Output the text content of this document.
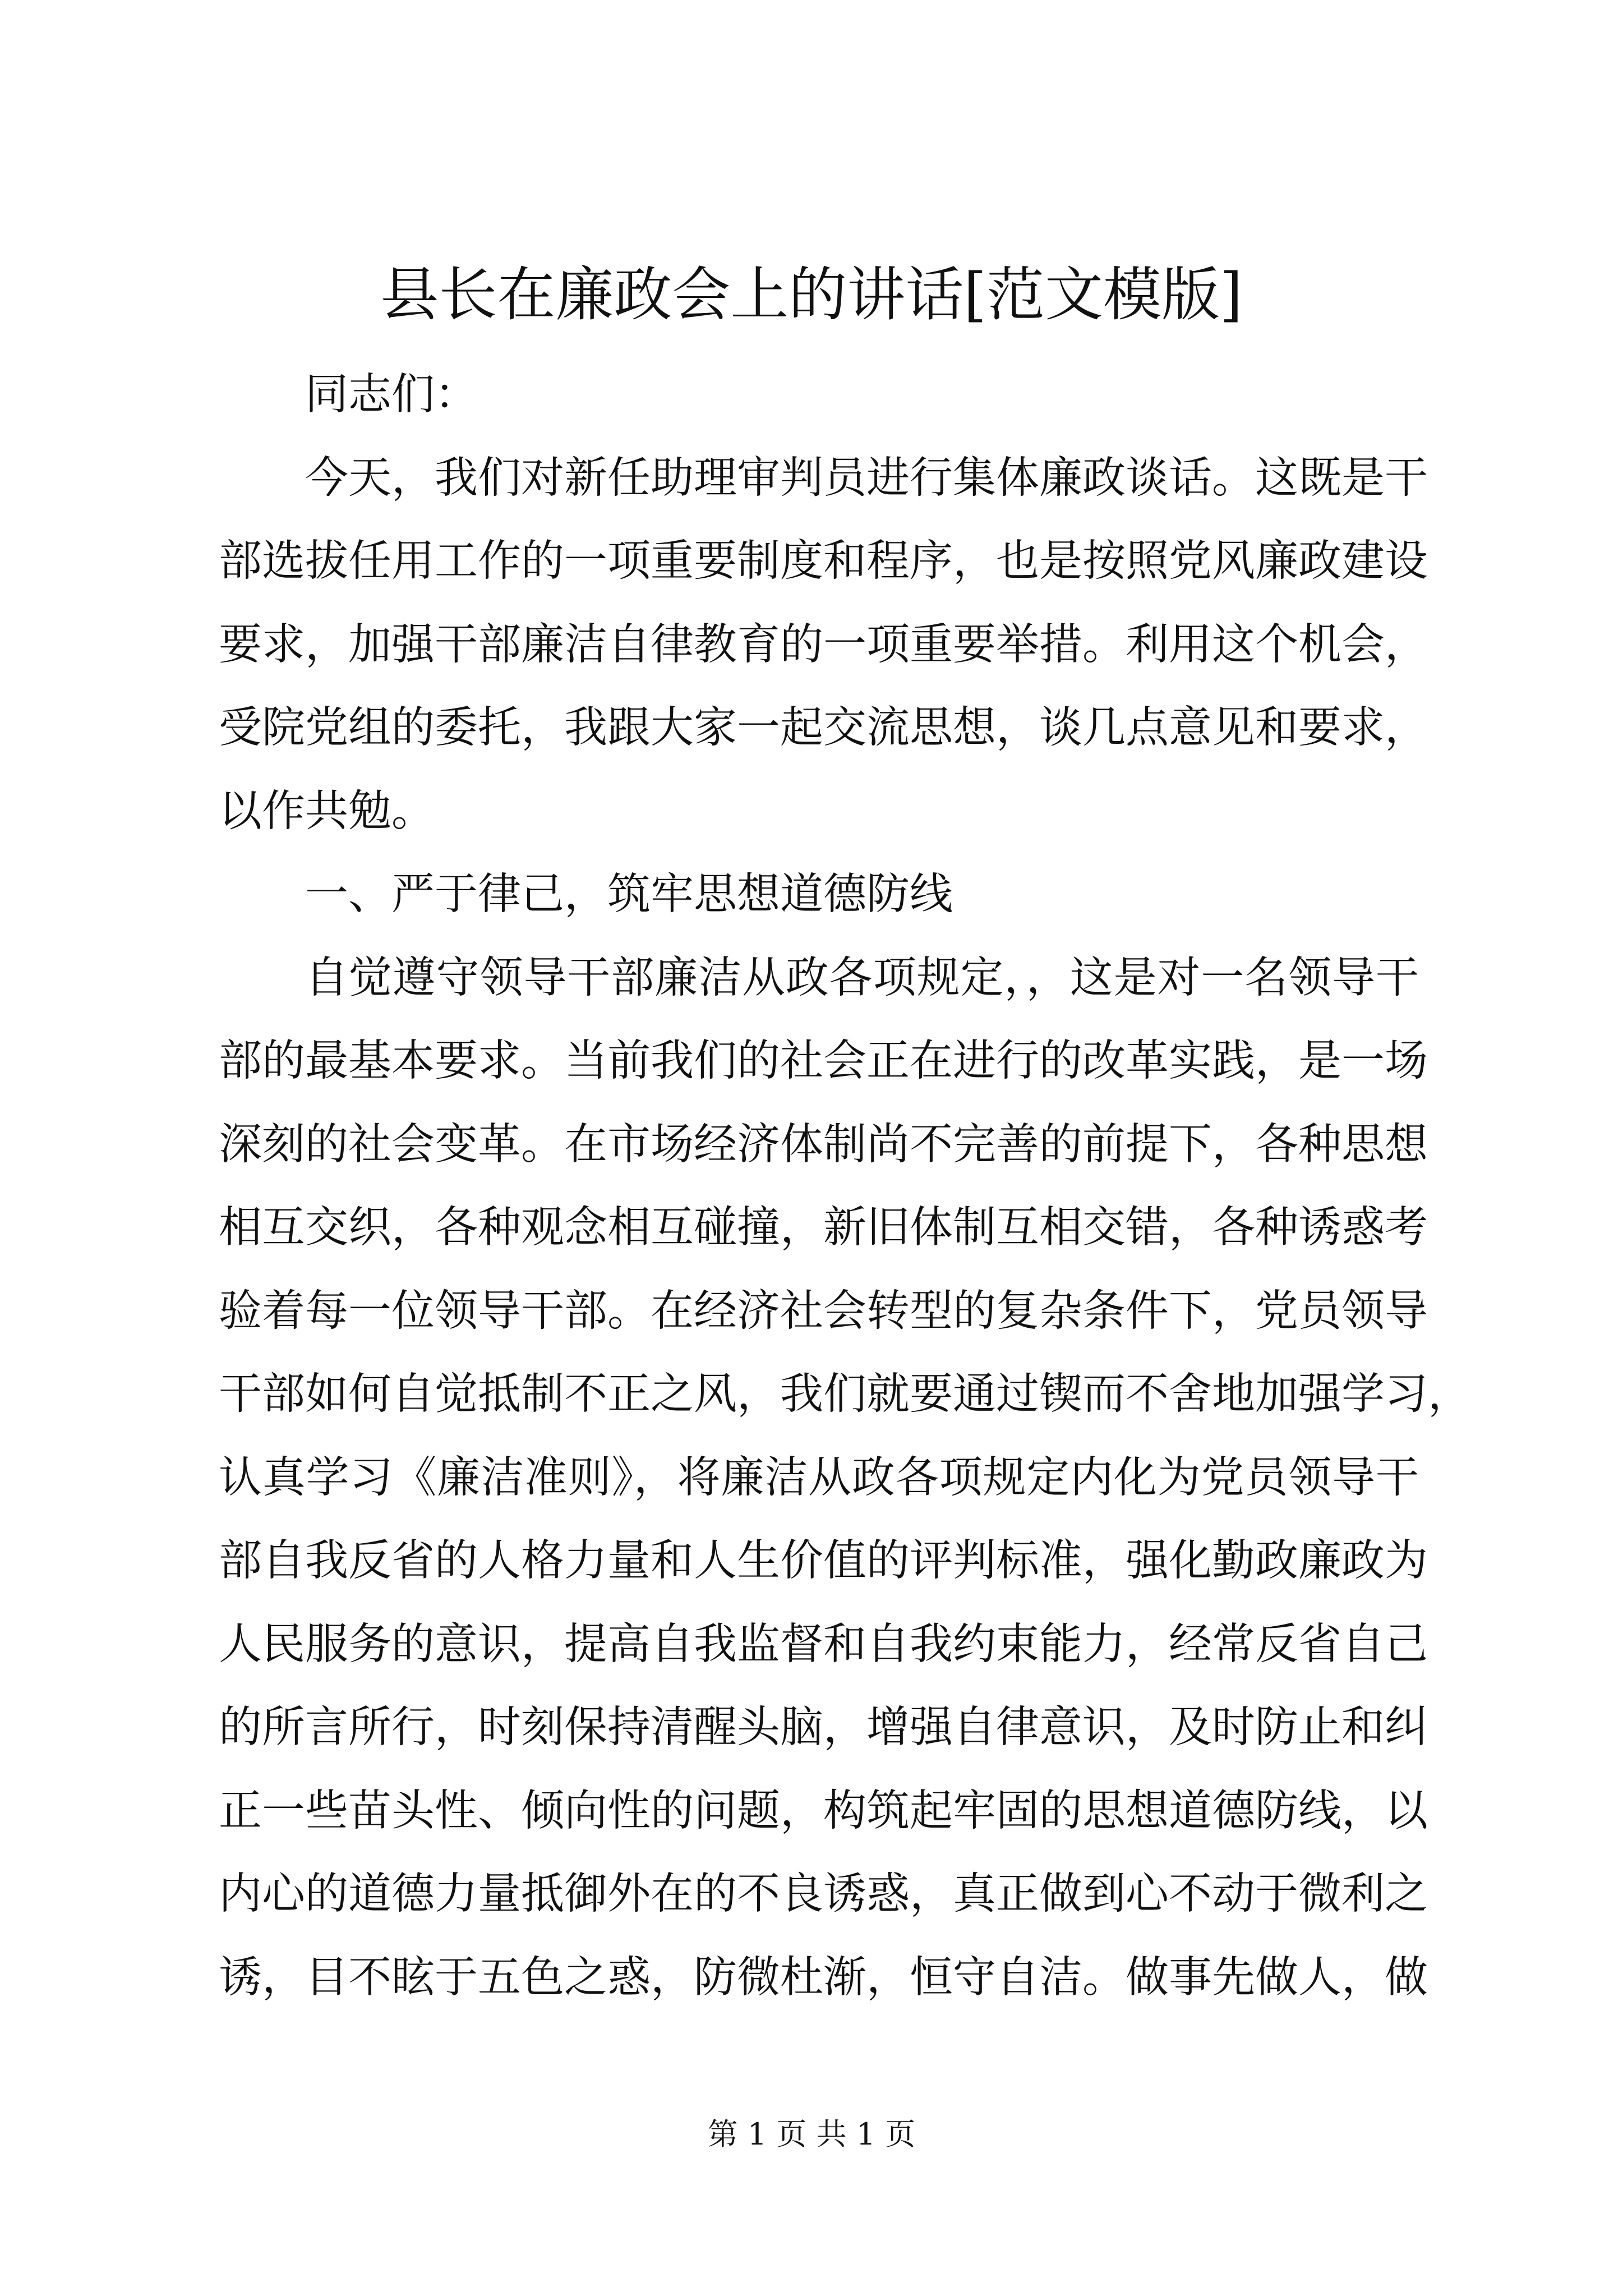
县长在廉政会上的讲话[范文模版]

同志们：

今天，我们对新任助理审判员进行集体廉政谈话。这既是干
部选拔任用工作的一项重要制度和程序，也是按照党风廉政建设
要求，加强干部廉洁自律教育的一项重要举措。利用这个机会，
受院党组的委托，我跟大家一起交流思想，谈几点意见和要求，
以作共勉。

一、严于律己，筑牢思想道德防线

自觉遵守领导干部廉洁从政各项规定，，这是对一名领导干
部的最基本要求。当前我们的社会正在进行的改革实践，是一场
深刻的社会变革。在市场经济体制尚不完善的前提下，各种思想
相互交织，各种观念相互碰撞，新旧体制互相交错，各种诱惑考
验着每一位领导干部。在经济社会转型的复杂条件下，党员领导
干部如何自觉抵制不正之风，我们就要通过锲而不舍地加强学习，
认真学习《廉洁准则》，将廉洁从政各项规定内化为党员领导干
部自我反省的人格力量和人生价值的评判标准，强化勤政廉政为
人民服务的意识，提高自我监督和自我约束能力，经常反省自己
的所言所行，时刻保持清醒头脑，增强自律意识，及时防止和纠
正一些苗头性、倾向性的问题，构筑起牢固的思想道德防线，以
内心的道德力量抵御外在的不良诱惑，真正做到心不动于微利之
诱，目不眩于五色之惑，防微杜渐，恒守自洁。做事先做人，做

第 1 页 共 1 页
